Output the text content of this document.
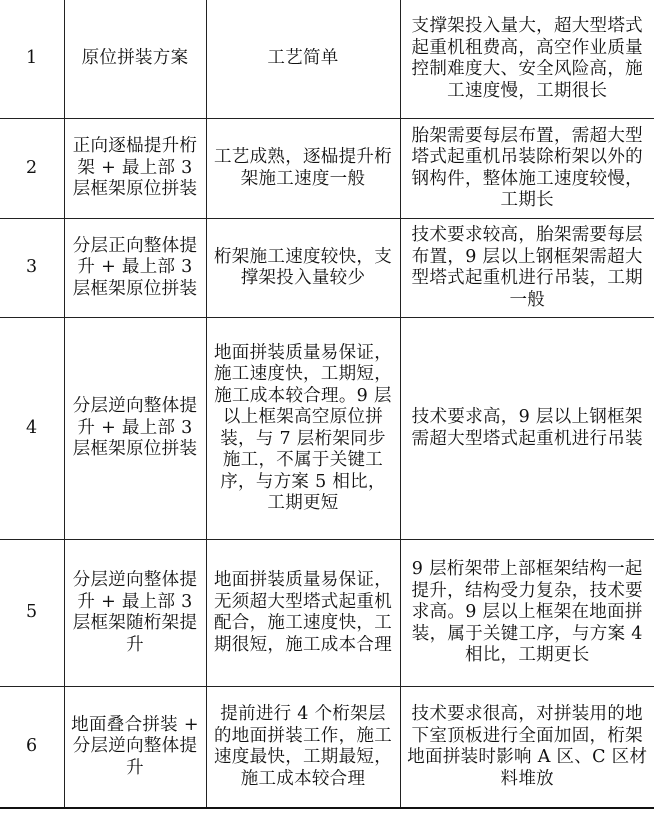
1	原位拼装方案	工艺简单	支撑架投入量大，超大型塔式起重机租费高，高空作业质量控制难度大、安全风险高，施工速度慢，工期很长
2	正向逐榀提升桁架 + 最上部 3 层框架原位拼装	工艺成熟，逐榀提升桁架施工速度一般	胎架需要每层布置，需超大型塔式起重机吊装除桁架以外的钢构件，整体施工速度较慢，工期长
3	分层正向整体提升 + 最上部 3 层框架原位拼装	桁架施工速度较快，支撑架投入量较少	技术要求较高，胎架需要每层布置，9 层以上钢框架需超大型塔式起重机进行吊装，工期一般
4	分层逆向整体提升 + 最上部 3 层框架原位拼装	地面拼装质量易保证，施工速度快，工期短，施工成本较合理。9 层以上框架高空原位拼装，与 7 层桁架同步施工，不属于关键工序，与方案 5 相比，工期更短	技术要求高，9 层以上钢框架需超大型塔式起重机进行吊装
5	分层逆向整体提升 + 最上部 3 层框架随桁架提升	地面拼装质量易保证，无须超大型塔式起重机配合，施工速度快，工期很短，施工成本合理	9 层桁架带上部框架结构一起提升，结构受力复杂，技术要求高。9 层以上框架在地面拼装，属于关键工序，与方案 4 相比，工期更长
6	地面叠合拼装 + 分层逆向整体提升	提前进行 4 个桁架层的地面拼装工作，施工速度最快，工期最短，施工成本较合理	技术要求很高，对拼装用的地下室顶板进行全面加固，桁架地面拼装时影响 A 区、C 区材料堆放
